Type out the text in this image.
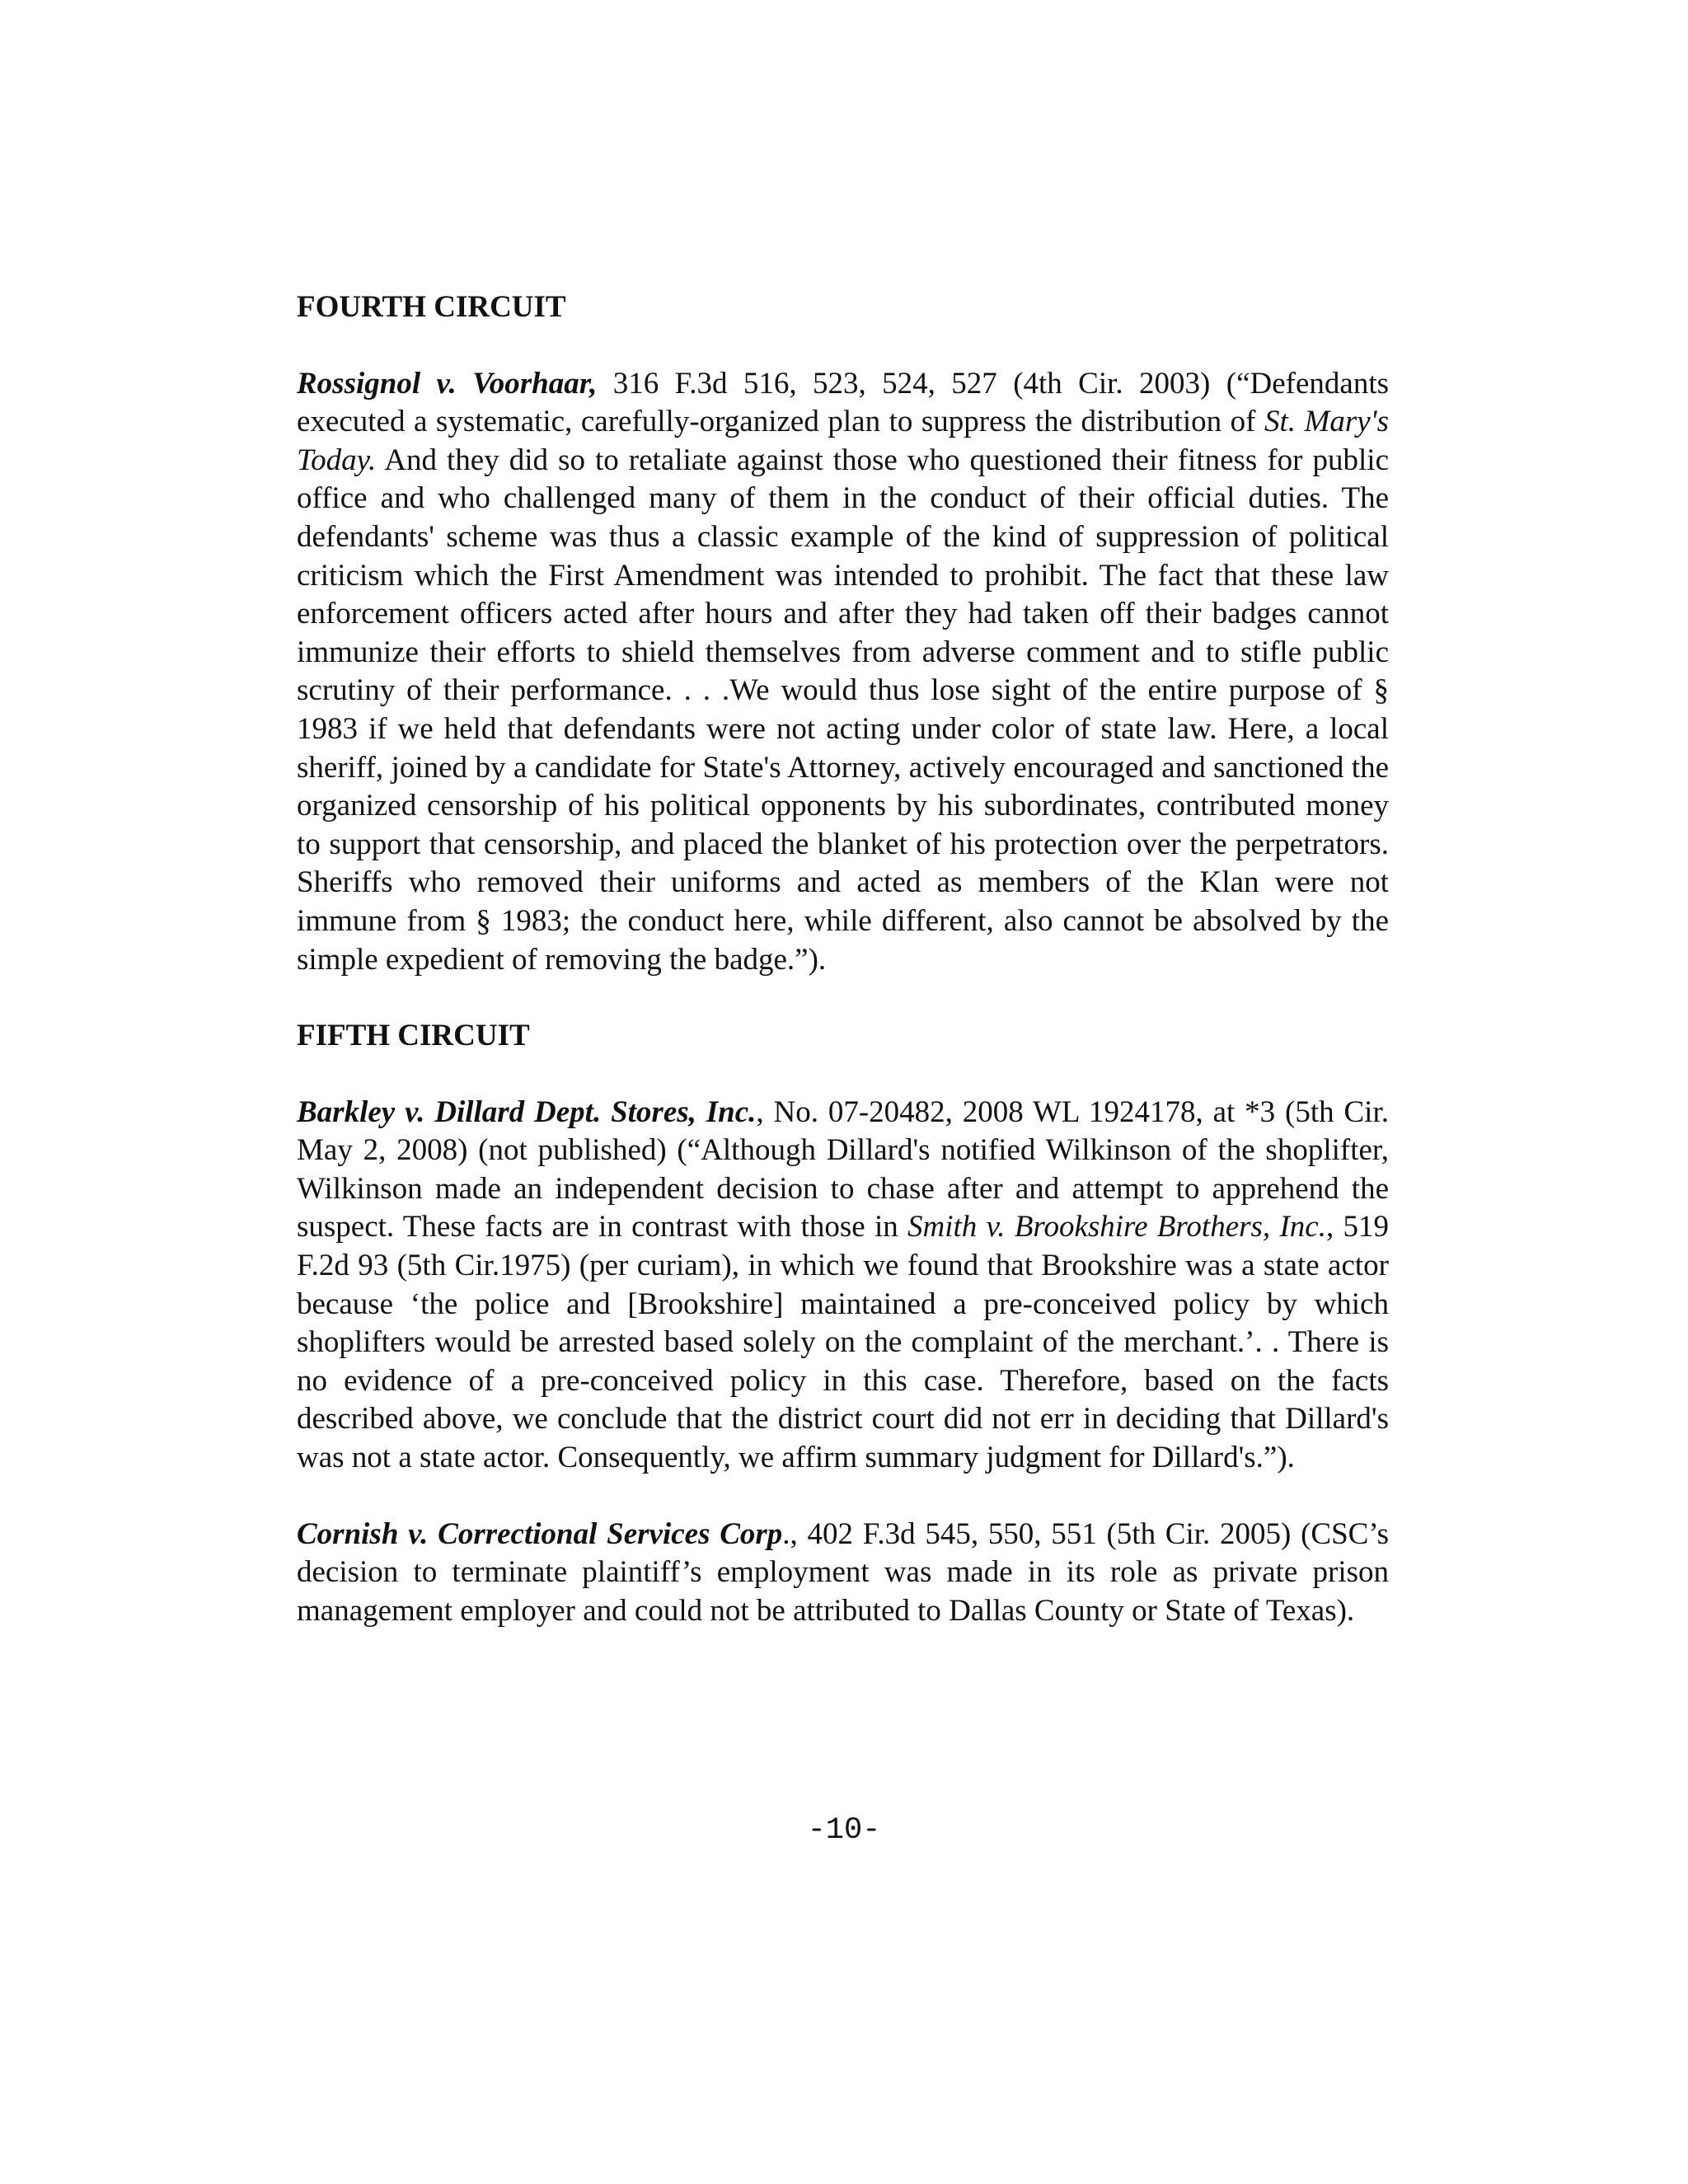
FOURTH CIRCUIT

Rossignol v. Voorhaar, 316 F.3d 516, 523, 524, 527 (4th Cir. 2003) (“Defendants executed a systematic, carefully-organized plan to suppress the distribution of St. Mary's Today. And they did so to retaliate against those who questioned their fitness for public office and who challenged many of them in the conduct of their official duties. The defendants' scheme was thus a classic example of the kind of suppression of political criticism which the First Amendment was intended to prohibit. The fact that these law enforcement officers acted after hours and after they had taken off their badges cannot immunize their efforts to shield themselves from adverse comment and to stifle public scrutiny of their performance. . . .We would thus lose sight of the entire purpose of § 1983 if we held that defendants were not acting under color of state law. Here, a local sheriff, joined by a candidate for State's Attorney, actively encouraged and sanctioned the organized censorship of his political opponents by his subordinates, contributed money to support that censorship, and placed the blanket of his protection over the perpetrators. Sheriffs who removed their uniforms and acted as members of the Klan were not immune from § 1983; the conduct here, while different, also cannot be absolved by the simple expedient of removing the badge.”).

FIFTH CIRCUIT

Barkley v. Dillard Dept. Stores, Inc., No. 07-20482, 2008 WL 1924178, at *3 (5th Cir. May 2, 2008) (not published) (“Although Dillard's notified Wilkinson of the shoplifter, Wilkinson made an independent decision to chase after and attempt to apprehend the suspect. These facts are in contrast with those in Smith v. Brookshire Brothers, Inc., 519 F.2d 93 (5th Cir.1975) (per curiam), in which we found that Brookshire was a state actor because ‘the police and [Brookshire] maintained a pre-conceived policy by which shoplifters would be arrested based solely on the complaint of the merchant.’. . There is no evidence of a pre-conceived policy in this case. Therefore, based on the facts described above, we conclude that the district court did not err in deciding that Dillard's was not a state actor. Consequently, we affirm summary judgment for Dillard's.”).

Cornish v. Correctional Services Corp., 402 F.3d 545, 550, 551 (5th Cir. 2005) (CSC’s decision to terminate plaintiff’s employment was made in its role as private prison management employer and could not be attributed to Dallas County or State of Texas).

-10-
